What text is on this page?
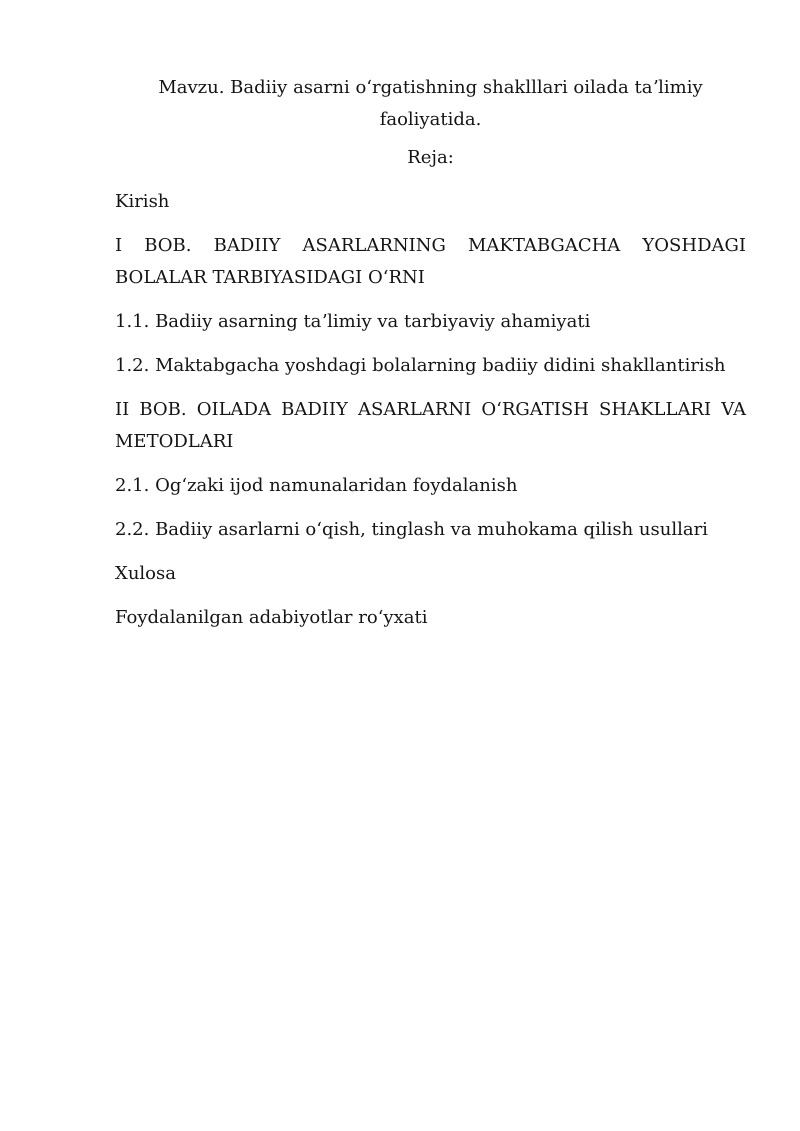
Mavzu. Badiiy asarni oʻrgatishning shaklllari oilada taʼlimiy faoliyatida.
Reja:
Kirish
I BOB. BADIIY ASARLARNING MAKTABGACHA YOSHDAGI BOLALAR TARBIYASIDAGI OʻRNI
1.1. Badiiy asarning taʼlimiy va tarbiyaviy ahamiyati
1.2. Maktabgacha yoshdagi bolalarning badiiy didini shakllantirish
II BOB. OILADA BADIIY ASARLARNI OʻRGATISH SHAKLLARI VA METODLARI
2.1. Ogʻzaki ijod namunalaridan foydalanish
2.2. Badiiy asarlarni oʻqish, tinglash va muhokama qilish usullari
Xulosa
Foydalanilgan adabiyotlar roʻyxati
